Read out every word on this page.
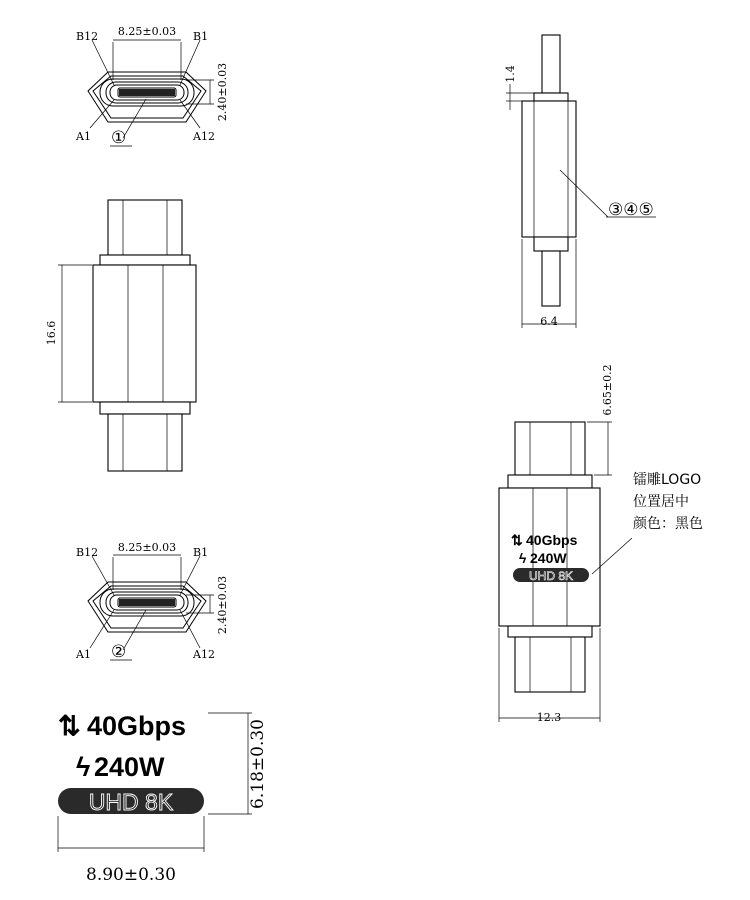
8.25±0.03
2.40±0.03
B12	B1
A1	A12
①
16.6
8.25±0.03
2.40±0.03
B12	B1
A1	A12
②
⇅ 40Gbps
ϟ 240W
UHD 8K	6.18±0.30
8.90±0.30
1.4
6.4
③④⑤
⇅ 40Gbps
ϟ 240W
UHD 8K
6.65±0.2
12.3
镭雕LOGO
位置居中
颜色：黑色
